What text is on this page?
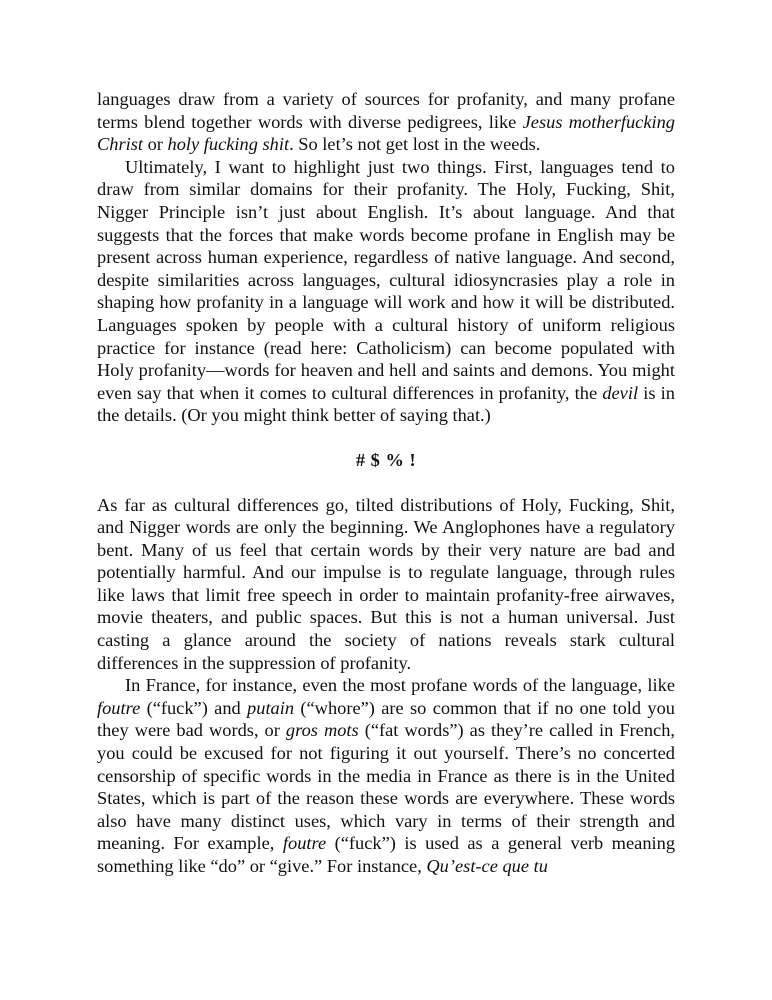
languages draw from a variety of sources for profanity, and many profane terms blend together words with diverse pedigrees, like Jesus motherfucking Christ or holy fucking shit. So let’s not get lost in the weeds.

Ultimately, I want to highlight just two things. First, languages tend to draw from similar domains for their profanity. The Holy, Fucking, Shit, Nigger Principle isn’t just about English. It’s about language. And that suggests that the forces that make words become profane in English may be present across human experience, regardless of native language. And second, despite similarities across languages, cultural idiosyncrasies play a role in shaping how profanity in a language will work and how it will be distributed. Languages spoken by people with a cultural history of uniform religious practice for instance (read here: Catholicism) can become populated with Holy profanity—words for heaven and hell and saints and demons. You might even say that when it comes to cultural differences in profanity, the devil is in the details. (Or you might think better of saying that.)

# $ % !

As far as cultural differences go, tilted distributions of Holy, Fucking, Shit, and Nigger words are only the beginning. We Anglophones have a regulatory bent. Many of us feel that certain words by their very nature are bad and potentially harmful. And our impulse is to regulate language, through rules like laws that limit free speech in order to maintain profanity-free airwaves, movie theaters, and public spaces. But this is not a human universal. Just casting a glance around the society of nations reveals stark cultural differences in the suppression of profanity.

In France, for instance, even the most profane words of the language, like foutre (“fuck”) and putain (“whore”) are so common that if no one told you they were bad words, or gros mots (“fat words”) as they’re called in French, you could be excused for not figuring it out yourself. There’s no concerted censorship of specific words in the media in France as there is in the United States, which is part of the reason these words are everywhere. These words also have many distinct uses, which vary in terms of their strength and meaning. For example, foutre (“fuck”) is used as a general verb meaning something like “do” or “give.” For instance, Qu’est-ce que tu
